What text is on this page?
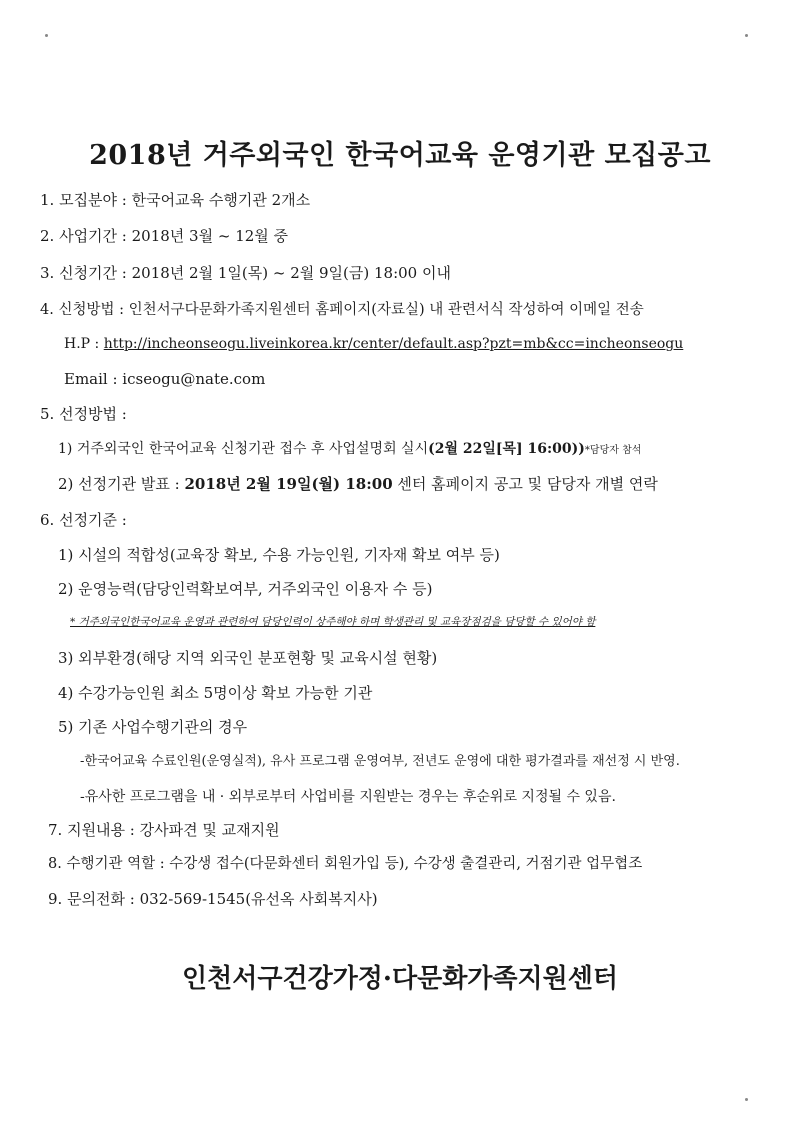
2018년 거주외국인 한국어교육 운영기관 모집공고
1. 모집분야 : 한국어교육 수행기관 2개소
2. 사업기간 : 2018년 3월 ~ 12월 중
3. 신청기간 : 2018년 2월 1일(목) ~ 2월 9일(금) 18:00 이내
4. 신청방법 : 인천서구다문화가족지원센터 홈페이지(자료실) 내 관련서식 작성하여 이메일 전송
H.P : http://incheonseogu.liveinkorea.kr/center/default.asp?pzt=mb&cc=incheonseogu
Email : icseogu@nate.com
5. 선정방법 :
1) 거주외국인 한국어교육 신청기관 접수 후 사업설명회 실시(2월 22일[목] 16:00))*담당자 참석
2) 선정기관 발표 : 2018년 2월 19일(월) 18:00 센터 홈페이지 공고 및 담당자 개별 연락
6. 선정기준 :
1) 시설의 적합성(교육장 확보, 수용 가능인원, 기자재 확보 여부 등)
2) 운영능력(담당인력확보여부, 거주외국인 이용자 수 등)
* 거주외국인한국어교육 운영과 관련하여 담당인력이 상주해야 하며 학생관리 및 교육장점검을 담당할 수 있어야 함
3) 외부환경(해당 지역 외국인 분포현황 및 교육시설 현황)
4) 수강가능인원 최소 5명이상 확보 가능한 기관
5) 기존 사업수행기관의 경우
-한국어교육 수료인원(운영실적), 유사 프로그램 운영여부, 전년도 운영에 대한 평가결과를 재선정 시 반영.
-유사한 프로그램을 내 · 외부로부터 사업비를 지원받는 경우는 후순위로 지정될 수 있음.
7. 지원내용 : 강사파견 및 교재지원
8. 수행기관 역할 : 수강생 접수(다문화센터 회원가입 등), 수강생 출결관리, 거점기관 업무협조
9. 문의전화 : 032-569-1545(유선옥 사회복지사)
인천서구건강가정·다문화가족지원센터
